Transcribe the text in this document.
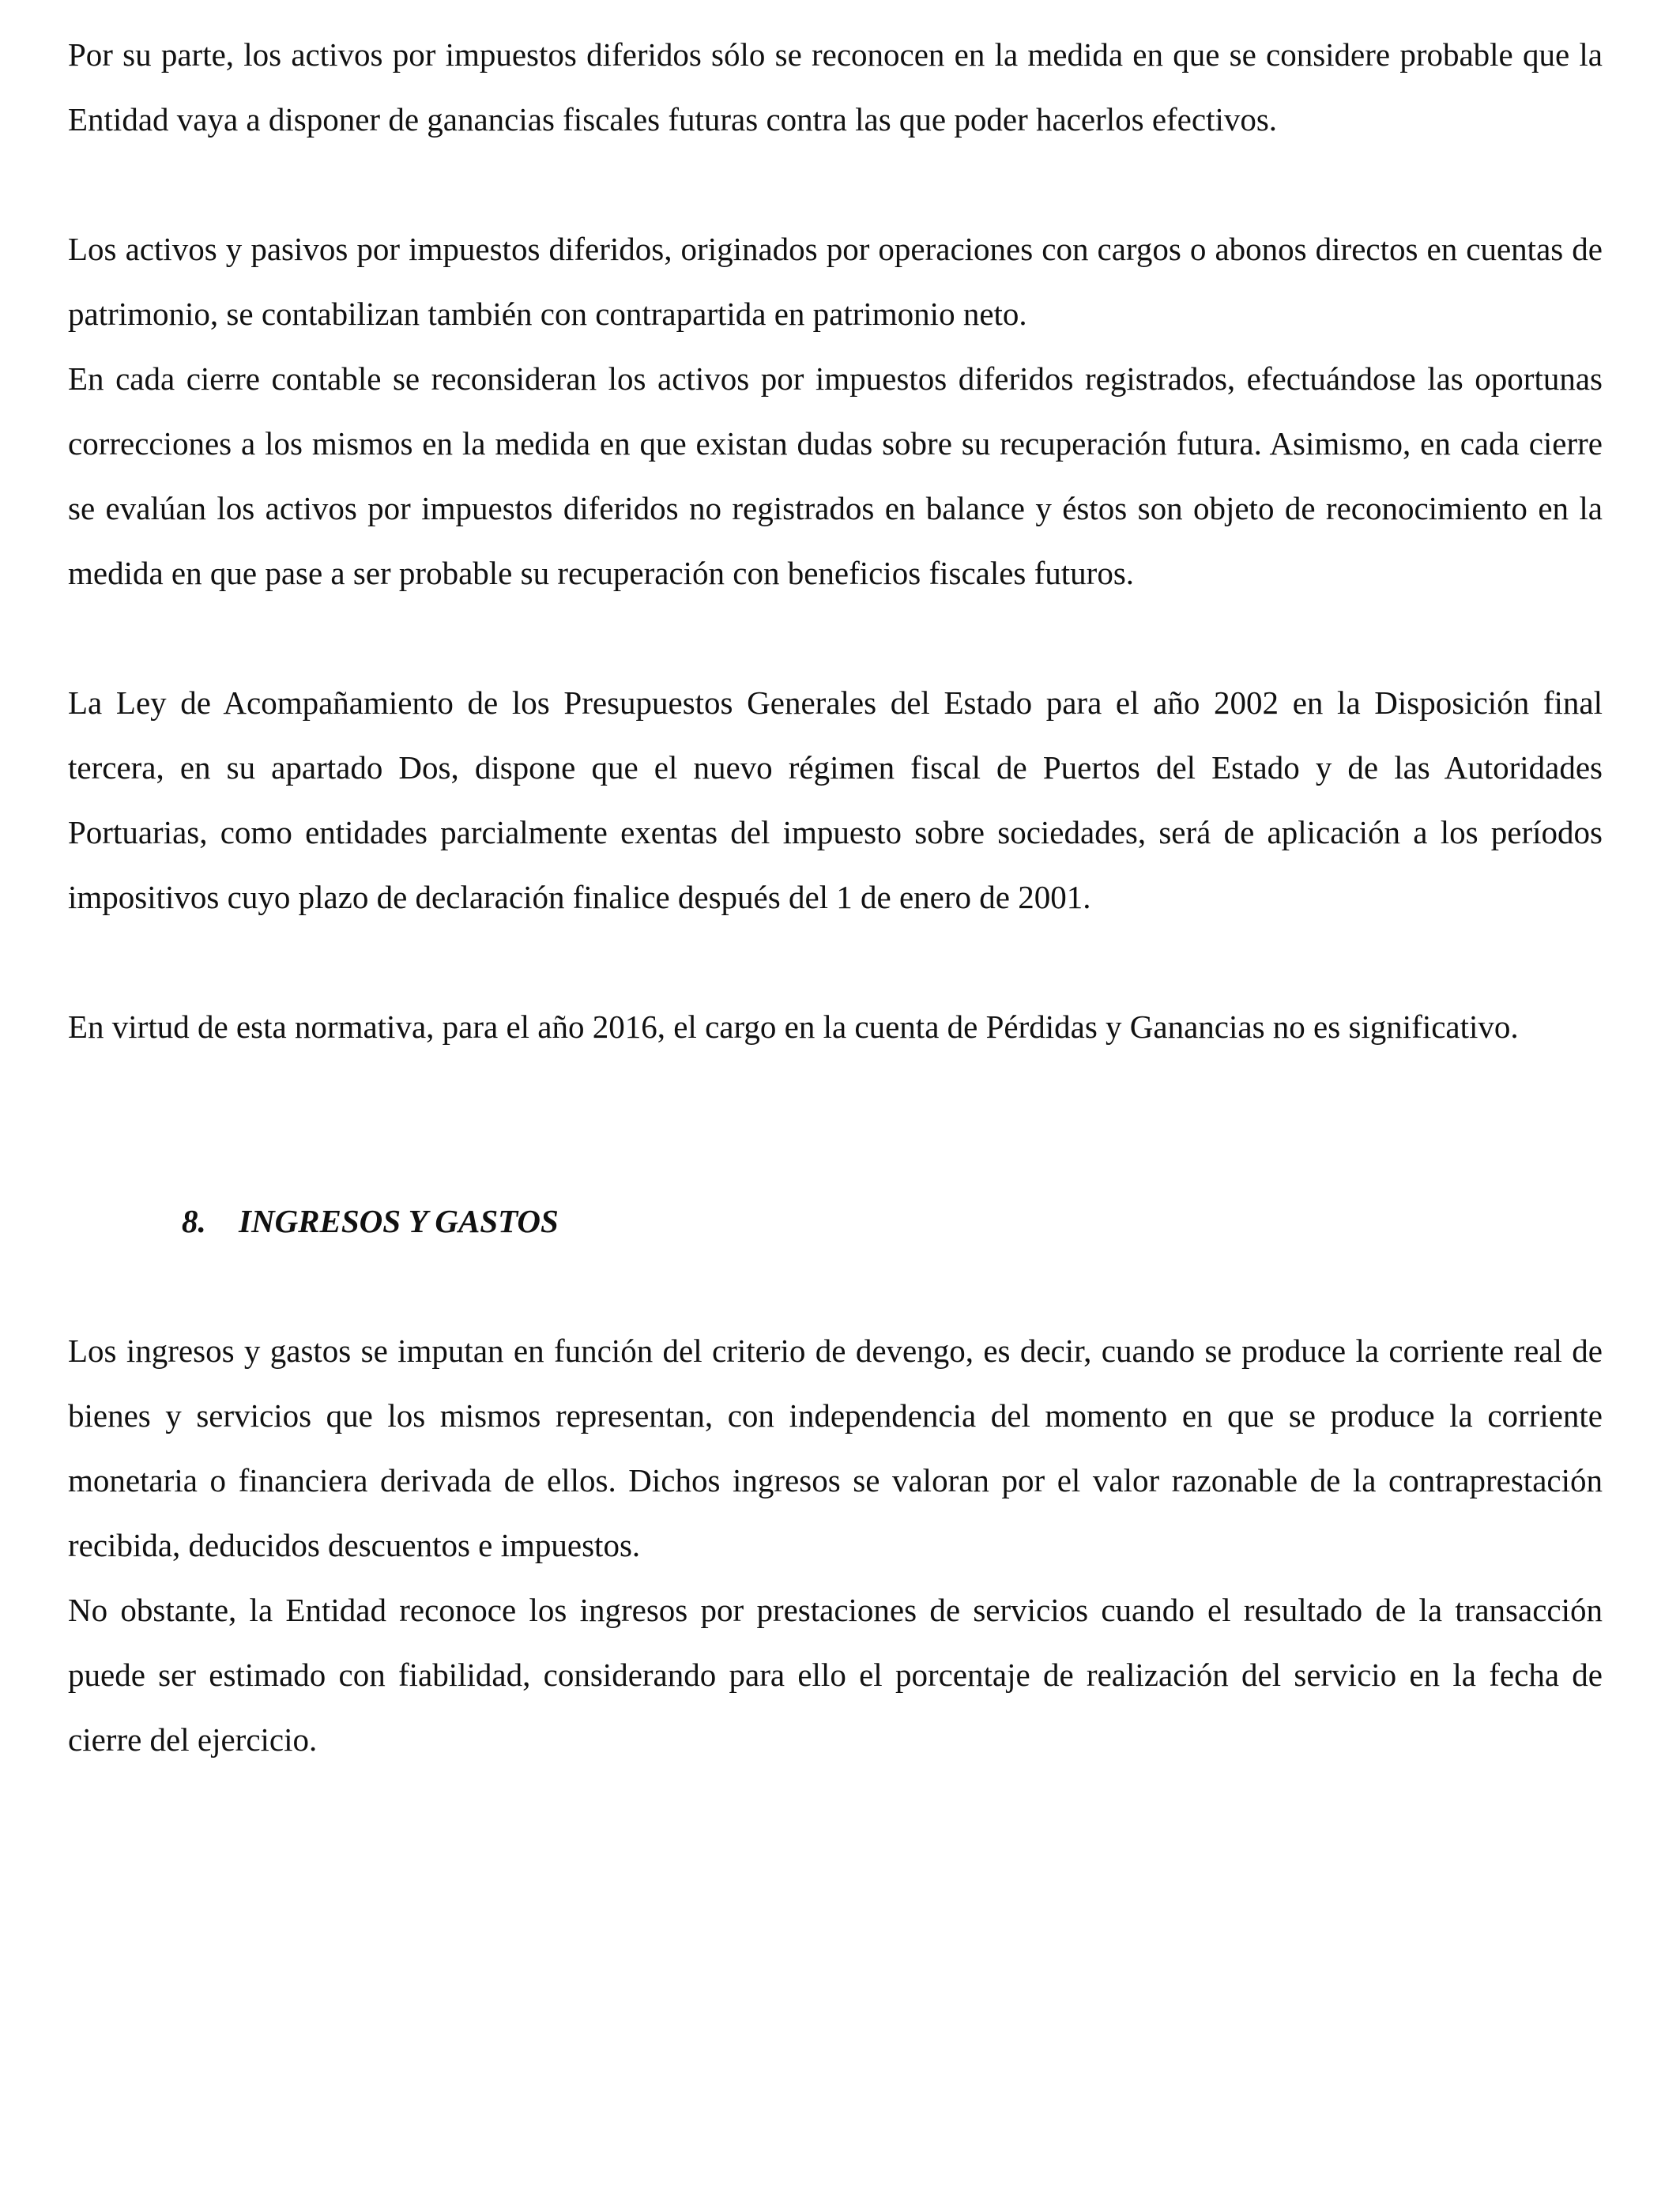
Por su parte, los activos por impuestos diferidos sólo se reconocen en la medida en que se considere probable que la Entidad vaya a disponer de ganancias fiscales futuras contra las que poder hacerlos efectivos.

Los activos y pasivos por impuestos diferidos, originados por operaciones con cargos o abonos directos en cuentas de patrimonio, se contabilizan también con contrapartida en patrimonio neto.

En cada cierre contable se reconsideran los activos por impuestos diferidos registrados, efectuándose las oportunas correcciones a los mismos en la medida en que existan dudas sobre su recuperación futura. Asimismo, en cada cierre se evalúan los activos por impuestos diferidos no registrados en balance y éstos son objeto de reconocimiento en la medida en que pase a ser probable su recuperación con beneficios fiscales futuros.

La Ley de Acompañamiento de los Presupuestos Generales del Estado para el año 2002 en la Disposición final tercera, en su apartado Dos, dispone que el nuevo régimen fiscal de Puertos del Estado y de las Autoridades Portuarias, como entidades parcialmente exentas del impuesto sobre sociedades, será de aplicación a los períodos impositivos cuyo plazo de declaración finalice después del 1 de enero de 2001.

En virtud de esta normativa, para el año 2016, el cargo en la cuenta de Pérdidas y Ganancias no es significativo.

8.	INGRESOS Y GASTOS

Los ingresos y gastos se imputan en función del criterio de devengo, es decir, cuando se produce la corriente real de bienes y servicios que los mismos representan, con independencia del momento en que se produce la corriente monetaria o financiera derivada de ellos. Dichos ingresos se valoran por el valor razonable de la contraprestación recibida, deducidos descuentos e impuestos.

No obstante, la Entidad reconoce los ingresos por prestaciones de servicios cuando el resultado de la transacción puede ser estimado con fiabilidad, considerando para ello el porcentaje de realización del servicio en la fecha de cierre del ejercicio.
